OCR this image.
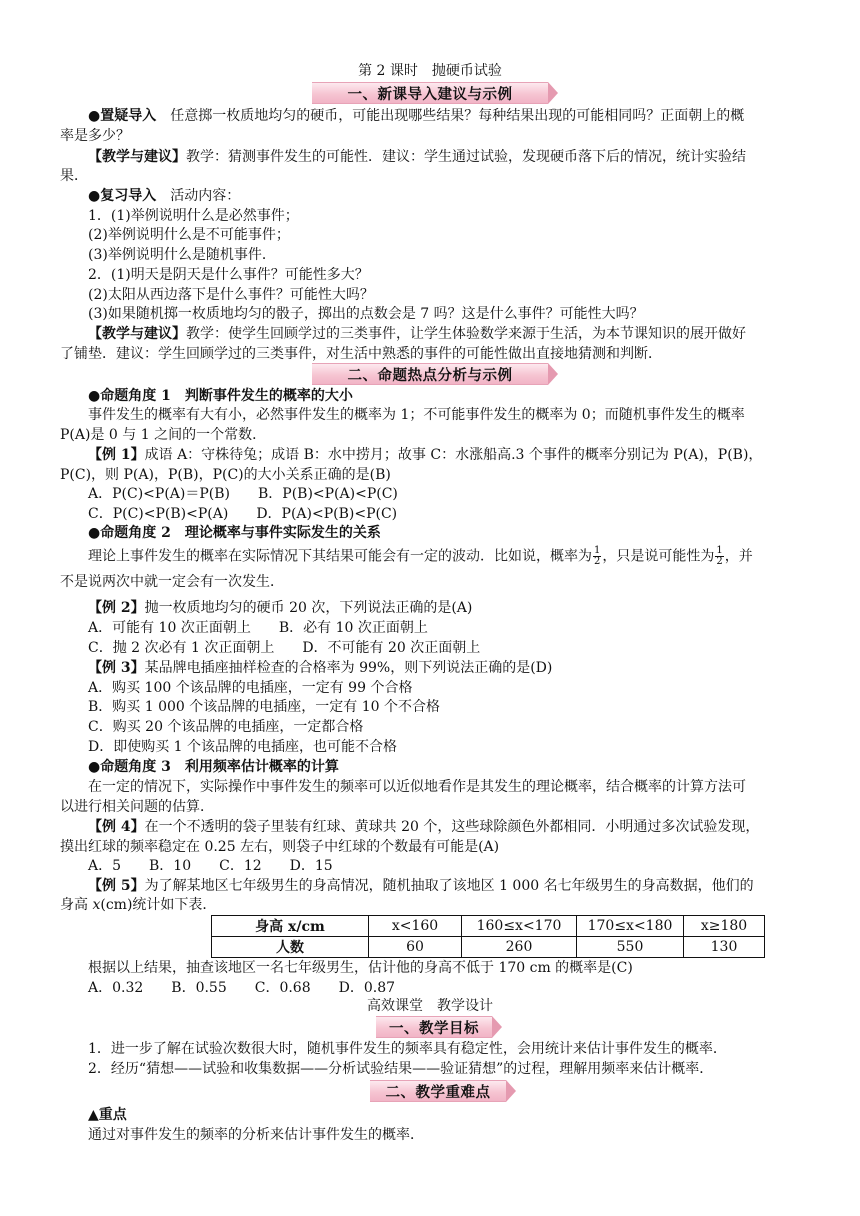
第 2 课时　抛硬币试验
一、新课导入建议与示例
●置疑导入　任意掷一枚质地均匀的硬币，可能出现哪些结果？每种结果出现的可能相同吗？正面朝上的概
率是多少？
【教学与建议】教学：猜测事件发生的可能性．建议：学生通过试验，发现硬币落下后的情况，统计实验结
果．
●复习导入　活动内容：
1．(1)举例说明什么是必然事件；
(2)举例说明什么是不可能事件；
(3)举例说明什么是随机事件．
2．(1)明天是阴天是什么事件？可能性多大？
(2)太阳从西边落下是什么事件？可能性大吗？
(3)如果随机掷一枚质地均匀的骰子，掷出的点数会是 7 吗？这是什么事件？可能性大吗？
【教学与建议】教学：使学生回顾学过的三类事件，让学生体验数学来源于生活，为本节课知识的展开做好
了铺垫．建议：学生回顾学过的三类事件，对生活中熟悉的事件的可能性做出直接地猜测和判断．
二、命题热点分析与示例
●命题角度 1　判断事件发生的概率的大小
事件发生的概率有大有小，必然事件发生的概率为 1；不可能事件发生的概率为 0；而随机事件发生的概率
P(A)是 0 与 1 之间的一个常数．
【例 1】成语 A：守株待兔；成语 B：水中捞月；故事 C：水涨船高.3 个事件的概率分别记为 P(A)，P(B)，
P(C)，则 P(A)，P(B)，P(C)的大小关系正确的是(B)
A．P(C)<P(A)＝P(B)　　B．P(B)<P(A)<P(C)
C．P(C)<P(B)<P(A)　　D．P(A)<P(B)<P(C)
●命题角度 2　理论概率与事件实际发生的关系
理论上事件发生的概率在实际情况下其结果可能会有一定的波动．比如说，概率为 $\frac{1}{2}$ ，只是说可能性为 $\frac{1}{2}$ ，并
不是说两次中就一定会有一次发生．
【例 2】抛一枚质地均匀的硬币 20 次，下列说法正确的是(A)
A．可能有 10 次正面朝上　　B．必有 10 次正面朝上
C．抛 2 次必有 1 次正面朝上　　D．不可能有 20 次正面朝上
【例 3】某品牌电插座抽样检查的合格率为 99%，则下列说法正确的是(D)
A．购买 100 个该品牌的电插座，一定有 99 个合格
B．购买 1 000 个该品牌的电插座，一定有 10 个不合格
C．购买 20 个该品牌的电插座，一定都合格
D．即使购买 1 个该品牌的电插座，也可能不合格
●命题角度 3　利用频率估计概率的计算
在一定的情况下，实际操作中事件发生的频率可以近似地看作是其发生的理论概率，结合概率的计算方法可
以进行相关问题的估算．
【例 4】在一个不透明的袋子里装有红球、黄球共 20 个，这些球除颜色外都相同．小明通过多次试验发现，
摸出红球的频率稳定在 0.25 左右，则袋子中红球的个数最有可能是(A)
A．5　　B．10　　C．12　　D．15
【例 5】为了解某地区七年级男生的身高情况，随机抽取了该地区 1 000 名七年级男生的身高数据，他们的
身高 x(cm)统计如下表．
身高 x/cm	x<160	160≤x<170	170≤x<180	x≥180
人数	60	260	550	130
根据以上结果，抽查该地区一名七年级男生，估计他的身高不低于 170 cm 的概率是(C)
A．0.32　　B．0.55　　C．0.68　　D．0.87
高效课堂　教学设计
一、教学目标
1．进一步了解在试验次数很大时，随机事件发生的频率具有稳定性，会用统计来估计事件发生的概率．
2．经历“猜想——试验和收集数据——分析试验结果——验证猜想”的过程，理解用频率来估计概率．
二、教学重难点
▲重点
通过对事件发生的频率的分析来估计事件发生的概率．
